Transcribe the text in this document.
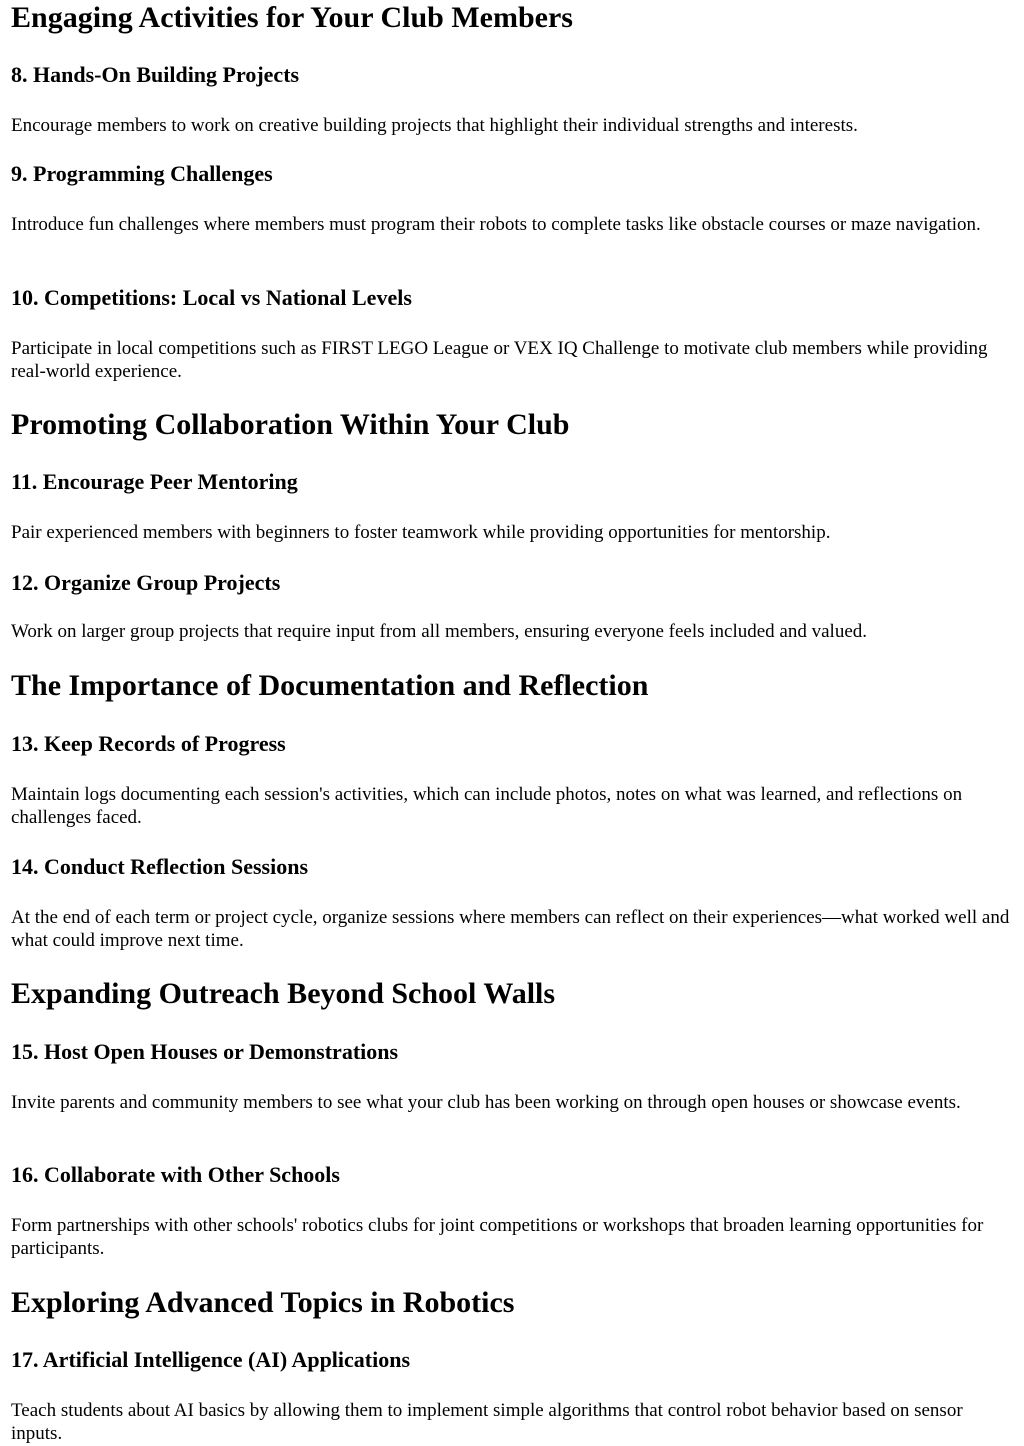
Engaging Activities for Your Club Members
8. Hands-On Building Projects

Encourage members to work on creative building projects that highlight their individual strengths and interests.

9. Programming Challenges

Introduce fun challenges where members must program their robots to complete tasks like obstacle courses or maze navigation.

10. Competitions: Local vs National Levels

Participate in local competitions such as FIRST LEGO League or VEX IQ Challenge to motivate club members while providing real-world experience.

Promoting Collaboration Within Your Club
11. Encourage Peer Mentoring

Pair experienced members with beginners to foster teamwork while providing opportunities for mentorship.

12. Organize Group Projects

Work on larger group projects that require input from all members, ensuring everyone feels included and valued.

The Importance of Documentation and Reflection
13. Keep Records of Progress

Maintain logs documenting each session's activities, which can include photos, notes on what was learned, and reflections on challenges faced.

14. Conduct Reflection Sessions

At the end of each term or project cycle, organize sessions where members can reflect on their experiences—what worked well and what could improve next time.

Expanding Outreach Beyond School Walls
15. Host Open Houses or Demonstrations

Invite parents and community members to see what your club has been working on through open houses or showcase events.

16. Collaborate with Other Schools

Form partnerships with other schools' robotics clubs for joint competitions or workshops that broaden learning opportunities for participants.

Exploring Advanced Topics in Robotics
17. Artificial Intelligence (AI) Applications

Teach students about AI basics by allowing them to implement simple algorithms that control robot behavior based on sensor inputs.
